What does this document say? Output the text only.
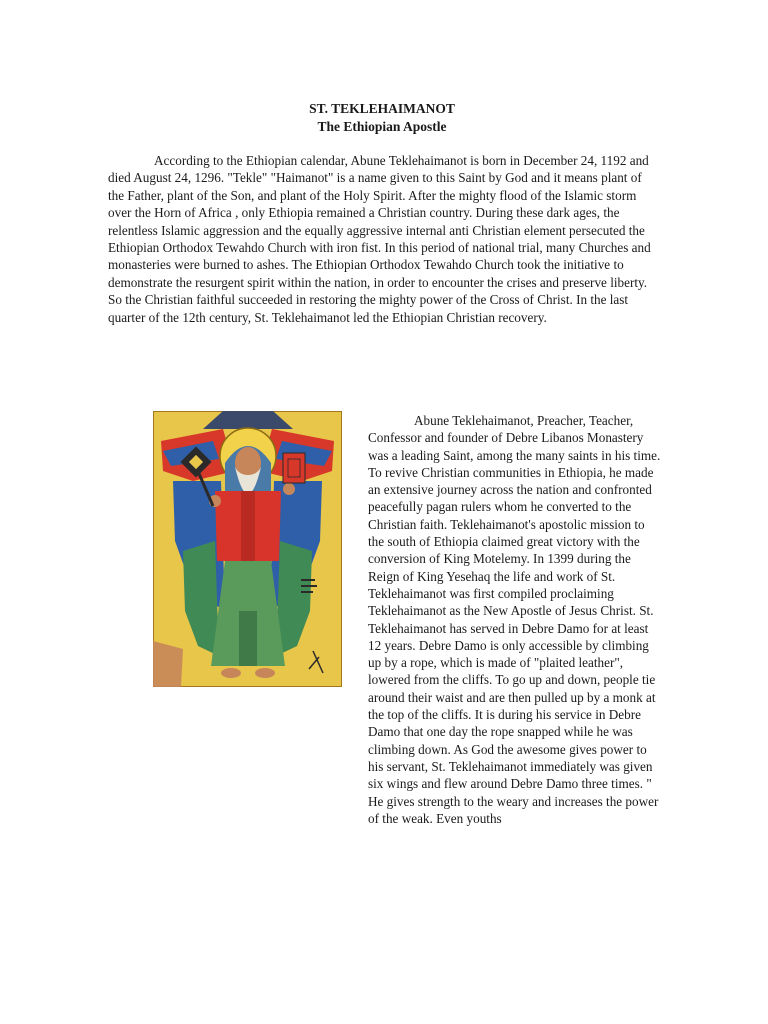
ST. TEKLEHAIMANOT
The Ethiopian Apostle

According to the Ethiopian calendar, Abune Teklehaimanot is born in December 24, 1192 and died August 24, 1296. "Tekle" "Haimanot" is a name given to this Saint by God and it means plant of the Father, plant of the Son, and plant of the Holy Spirit. After the mighty flood of the Islamic storm over the Horn of Africa , only Ethiopia remained a Christian country. During these dark ages, the relentless Islamic aggression and the equally aggressive internal anti Christian element persecuted the Ethiopian Orthodox Tewahdo Church with iron fist. In this period of national trial, many Churches and monasteries were burned to ashes. The Ethiopian Orthodox Tewahdo Church took the initiative to demonstrate the resurgent spirit within the nation, in order to encounter the crises and preserve liberty. So the Christian faithful succeeded in restoring the mighty power of the Cross of Christ. In the last quarter of the 12th century, St. Teklehaimanot led the Ethiopian Christian recovery.

Abune Teklehaimanot, Preacher, Teacher, Confessor and founder of Debre Libanos Monastery was a leading Saint, among the many saints in his time. To revive Christian communities in Ethiopia, he made an extensive journey across the nation and confronted peacefully pagan rulers whom he converted to the Christian faith. Teklehaimanot's apostolic mission to the south of Ethiopia claimed great victory with the conversion of King Motelemy. In 1399 during the Reign of King Yesehaq the life and work of St. Teklehaimanot was first compiled proclaiming Teklehaimanot as the New Apostle of Jesus Christ. St. Teklehaimanot has served in Debre Damo for at least 12 years. Debre Damo is only accessible by climbing up by a rope, which is made of "plaited leather", lowered from the cliffs. To go up and down, people tie around their waist and are then pulled up by a monk at the top of the cliffs. It is during his service in Debre Damo that one day the rope snapped while he was climbing down. As God the awesome gives power to his servant, St. Teklehaimanot immediately was given six wings and flew around Debre Damo three times. " He gives strength to the weary and increases the power of the weak. Even youths
